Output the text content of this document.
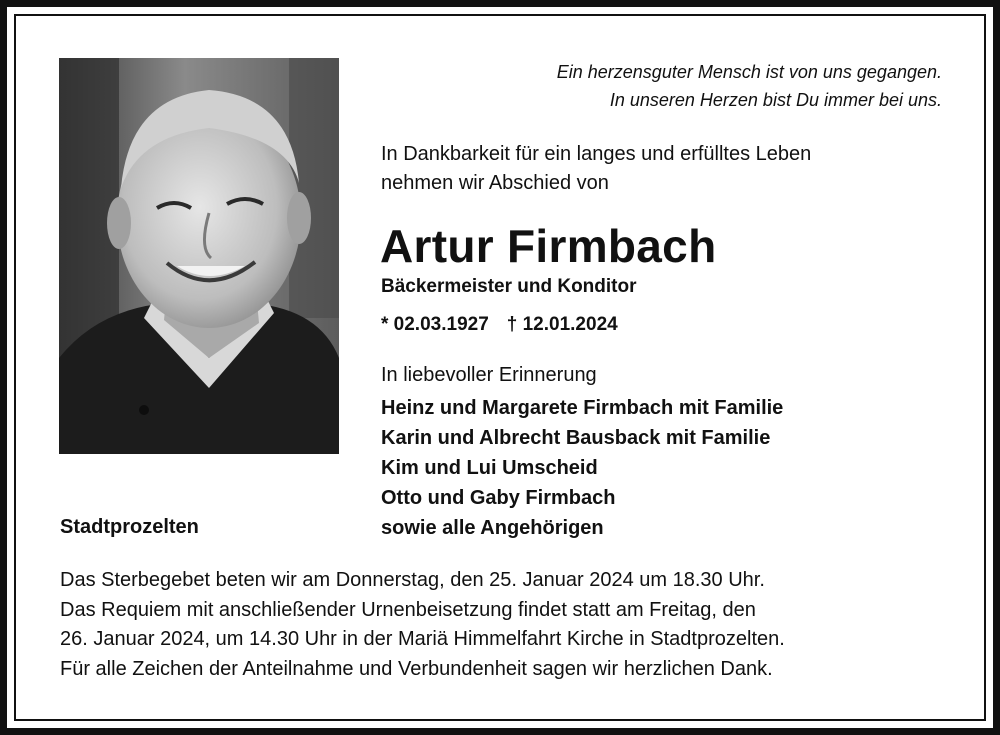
Ein herzensguter Mensch ist von uns gegangen.
In unseren Herzen bist Du immer bei uns.
In Dankbarkeit für ein langes und erfülltes Leben
nehmen wir Abschied von
Artur Firmbach
Bäckermeister und Konditor
* 02.03.1927 † 12.01.2024
In liebevoller Erinnerung
Heinz und Margarete Firmbach mit Familie
Karin und Albrecht Bausback mit Familie
Kim und Lui Umscheid
Otto und Gaby Firmbach
sowie alle Angehörigen
Stadtprozelten
Das Sterbegebet beten wir am Donnerstag, den 25. Januar 2024 um 18.30 Uhr.
Das Requiem mit anschließender Urnenbeisetzung findet statt am Freitag, den
26. Januar 2024, um 14.30 Uhr in der Mariä Himmelfahrt Kirche in Stadtprozelten.
Für alle Zeichen der Anteilnahme und Verbundenheit sagen wir herzlichen Dank.
